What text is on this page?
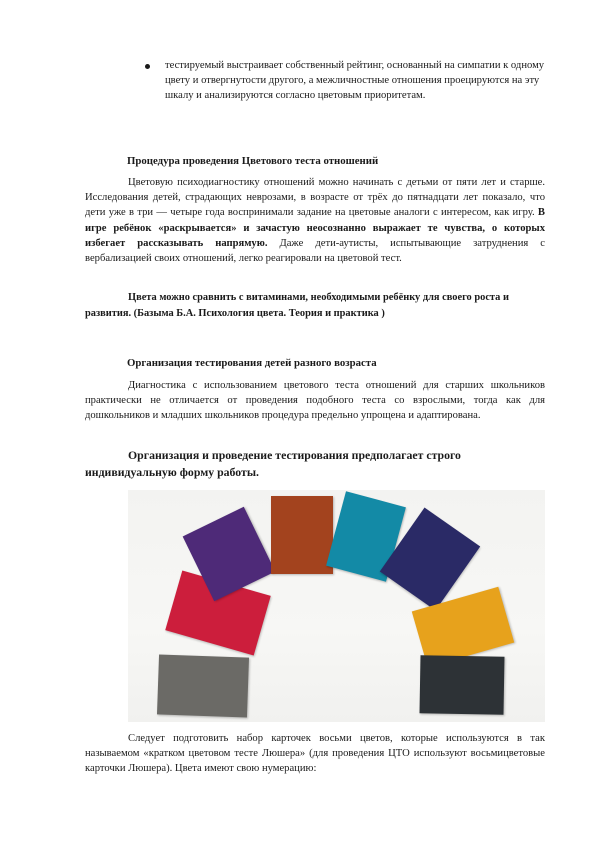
тестируемый выстраивает собственный рейтинг, основанный на симпатии к одному цвету и отвергнутости другого, а межличностные отношения проецируются на эту шкалу и анализируются согласно цветовым приоритетам.
Процедура проведения Цветового теста отношений
Цветовую психодиагностику отношений можно начинать с детьми от пяти лет и старше. Исследования детей, страдающих неврозами, в возрасте от трёх до пятнадцати лет показало, что дети уже в три — четыре года воспринимали задание на цветовые аналоги с интересом, как игру. В игре ребёнок «раскрывается» и зачастую неосознанно выражает те чувства, о которых избегает рассказывать напрямую. Даже дети-аутисты, испытывающие затруднения с вербализацией своих отношений, легко реагировали на цветовой тест.
Цвета можно сравнить с витаминами, необходимыми ребёнку для своего роста и развития. (Базыма Б.А. Психология цвета. Теория и практика )
Организация тестирования детей разного возраста
Диагностика с использованием цветового теста отношений для старших школьников практически не отличается от проведения подобного теста со взрослыми, тогда как для дошкольников и младших школьников процедура предельно упрощена и адаптирована.
Организация и проведение тестирования предполагает строго индивидуальную форму работы.
Следует подготовить набор карточек восьми цветов, которые используются в так называемом «кратком цветовом тесте Люшера» (для проведения ЦТО используют восьмицветовые карточки Люшера). Цвета имеют свою нумерацию:
